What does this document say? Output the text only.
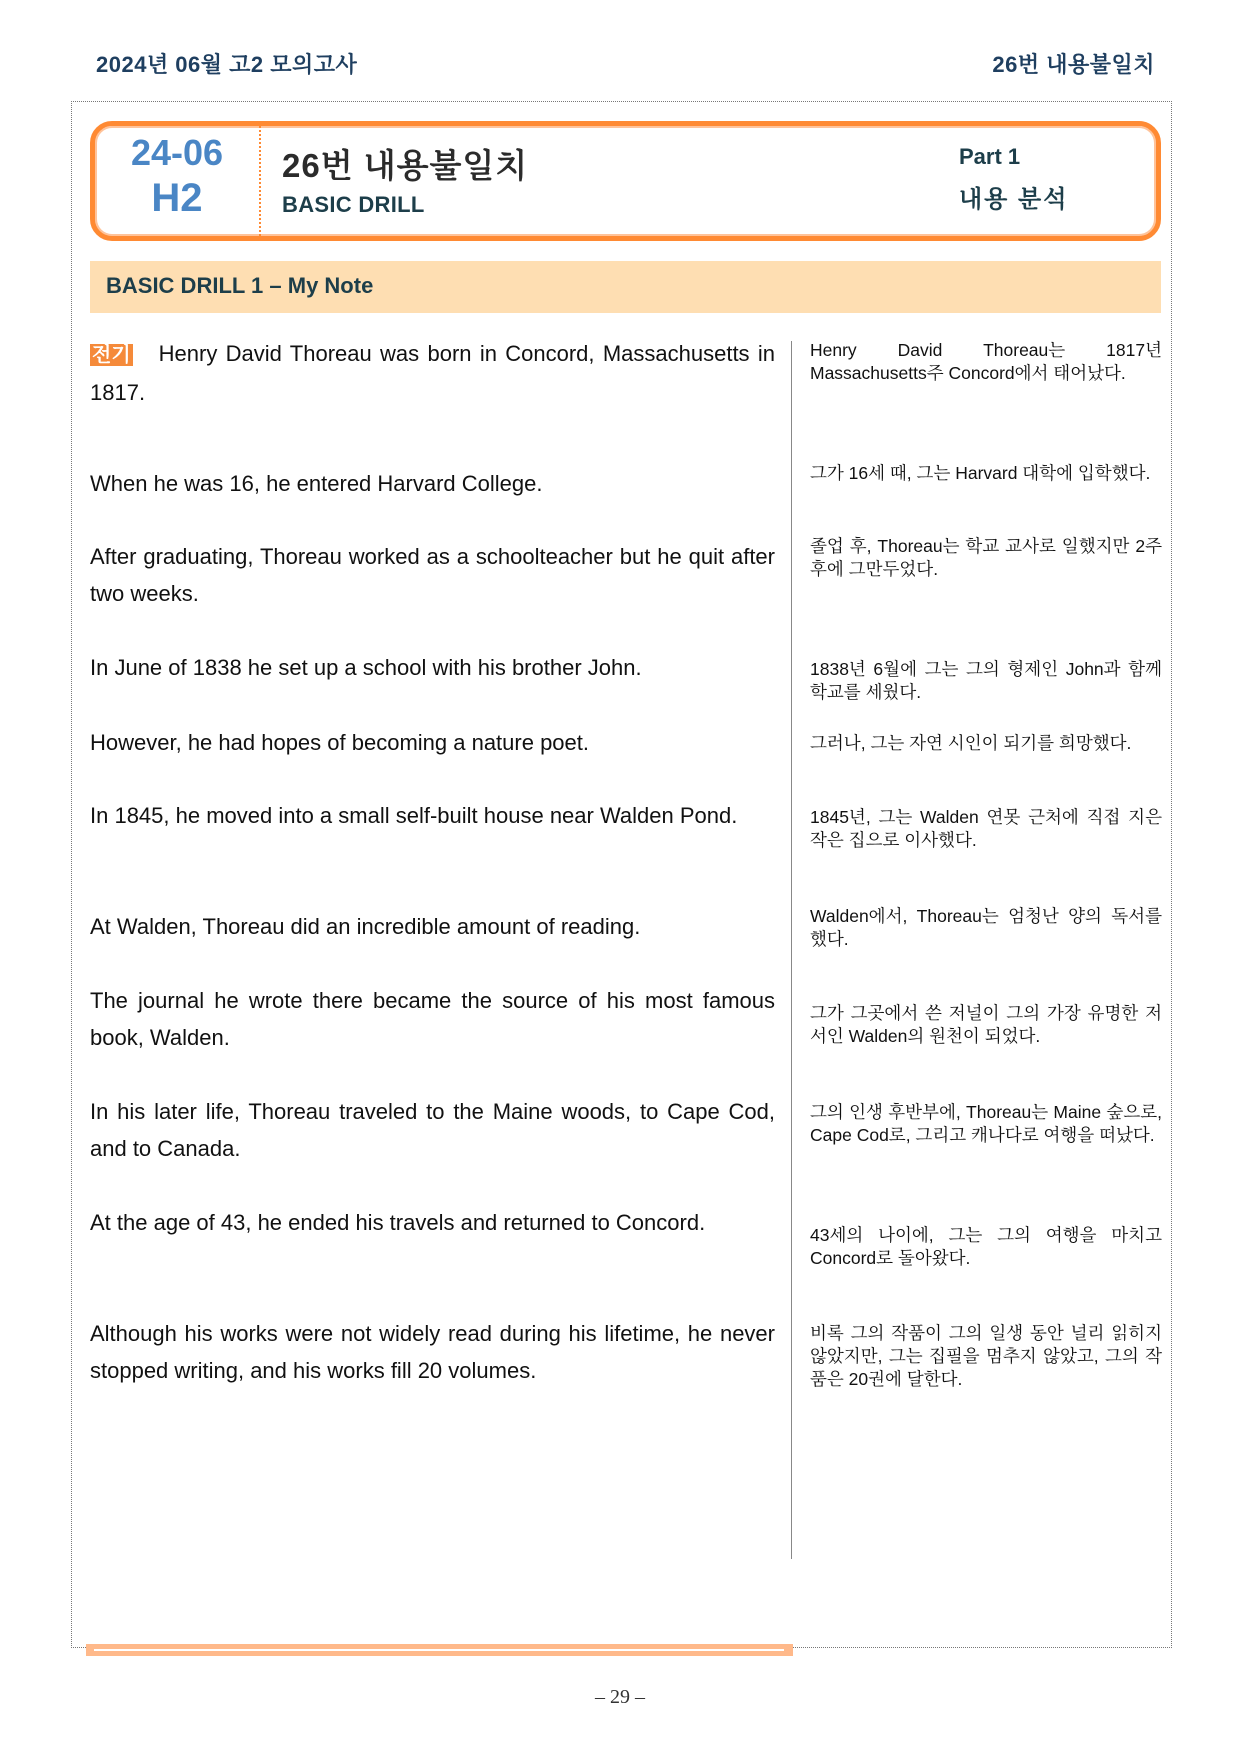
2024년 06월 고2 모의고사	26번 내용불일치
24-06
H2
26번 내용불일치
BASIC DRILL
Part 1
내용 분석
BASIC DRILL 1 – My Note
전기 Henry David Thoreau was born in Concord, Massachusetts in 1817.
When he was 16, he entered Harvard College.
After graduating, Thoreau worked as a schoolteacher but he quit after two weeks.
In June of 1838 he set up a school with his brother John.
However, he had hopes of becoming a nature poet.
In 1845, he moved into a small self-built house near Walden Pond.
At Walden, Thoreau did an incredible amount of reading.
The journal he wrote there became the source of his most famous book, Walden.
In his later life, Thoreau traveled to the Maine woods, to Cape Cod, and to Canada.
At the age of 43, he ended his travels and returned to Concord.
Although his works were not widely read during his lifetime, he never stopped writing, and his works fill 20 volumes.
Henry David Thoreau는 1817년 Massachusetts주 Concord에서 태어났다.
그가 16세 때, 그는 Harvard 대학에 입학했다.
졸업 후, Thoreau는 학교 교사로 일했지만 2주 후에 그만두었다.
1838년 6월에 그는 그의 형제인 John과 함께 학교를 세웠다.
그러나, 그는 자연 시인이 되기를 희망했다.
1845년, 그는 Walden 연못 근처에 직접 지은 작은 집으로 이사했다.
Walden에서, Thoreau는 엄청난 양의 독서를 했다.
그가 그곳에서 쓴 저널이 그의 가장 유명한 저서인 Walden의 원천이 되었다.
그의 인생 후반부에, Thoreau는 Maine 숲으로, Cape Cod로, 그리고 캐나다로 여행을 떠났다.
43세의 나이에, 그는 그의 여행을 마치고 Concord로 돌아왔다.
비록 그의 작품이 그의 일생 동안 널리 읽히지 않았지만, 그는 집필을 멈추지 않았고, 그의 작품은 20권에 달한다.
– 29 –
